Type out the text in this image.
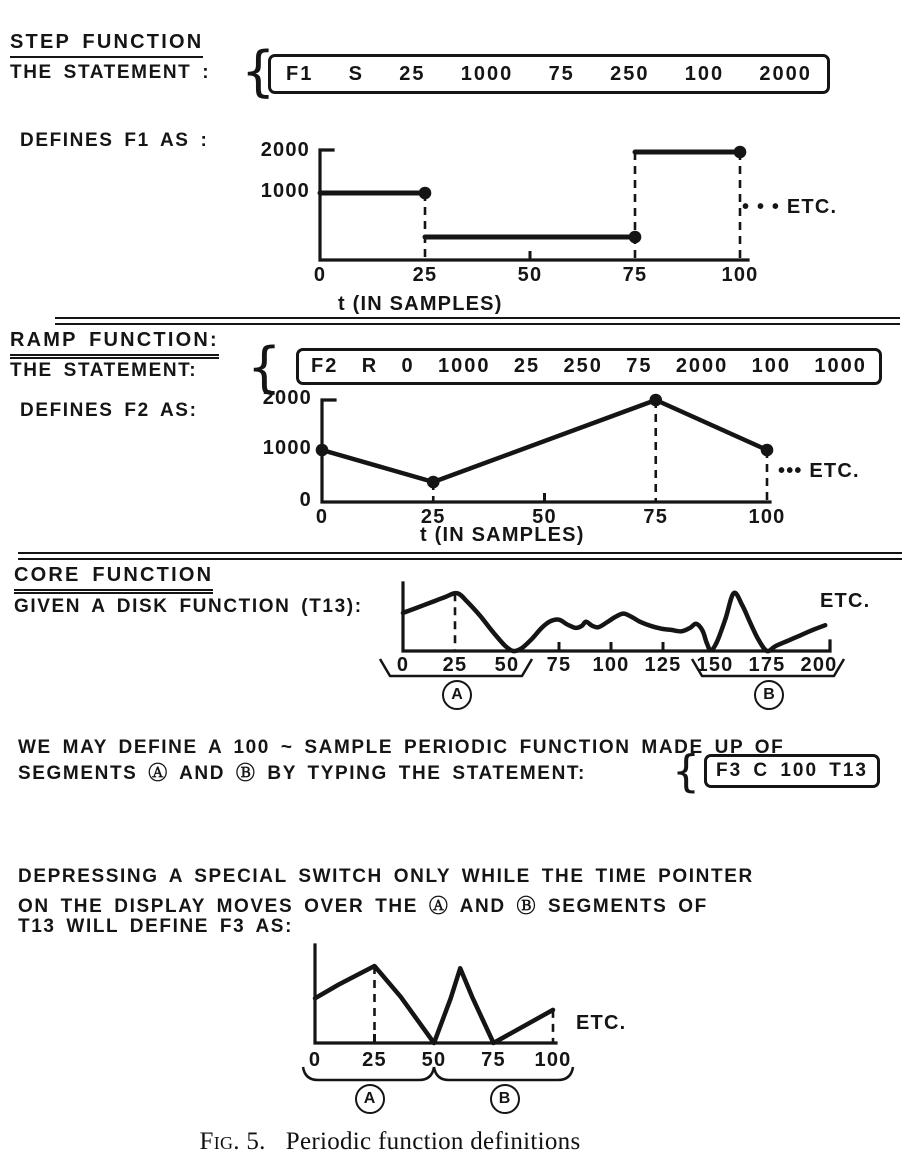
0	25	50	75	100
2000
1000
• • • ETC.
t (IN SAMPLES)
0	25	50	75	100
2000
1000
0
••• ETC.
t (IN SAMPLES)
0	25	50	75	100 125 150 175 200
ETC.
A	B
0	25	50	75	100
ETC.
A	B
STEP FUNCTION
THE STATEMENT : { F1 S 25 1000 75 250 100 2000
DEFINES F1 AS :
RAMP FUNCTION:
THE STATEMENT: { F2 R 0 1000 25 250 75 2000 100 1000
DEFINES F2 AS:
CORE FUNCTION
GIVEN A DISK FUNCTION (T13):
WE MAY DEFINE A 100 ~ SAMPLE PERIODIC FUNCTION MADE UP OF
SEGMENTS Ⓐ AND Ⓑ BY TYPING THE STATEMENT: { F3 C 100 T13
DEPRESSING A SPECIAL SWITCH ONLY WHILE THE TIME POINTER
ON THE DISPLAY MOVES OVER THE Ⓐ AND Ⓑ SEGMENTS OF
T13 WILL DEFINE F3 AS:
Fig. 5. Periodic function definitions
